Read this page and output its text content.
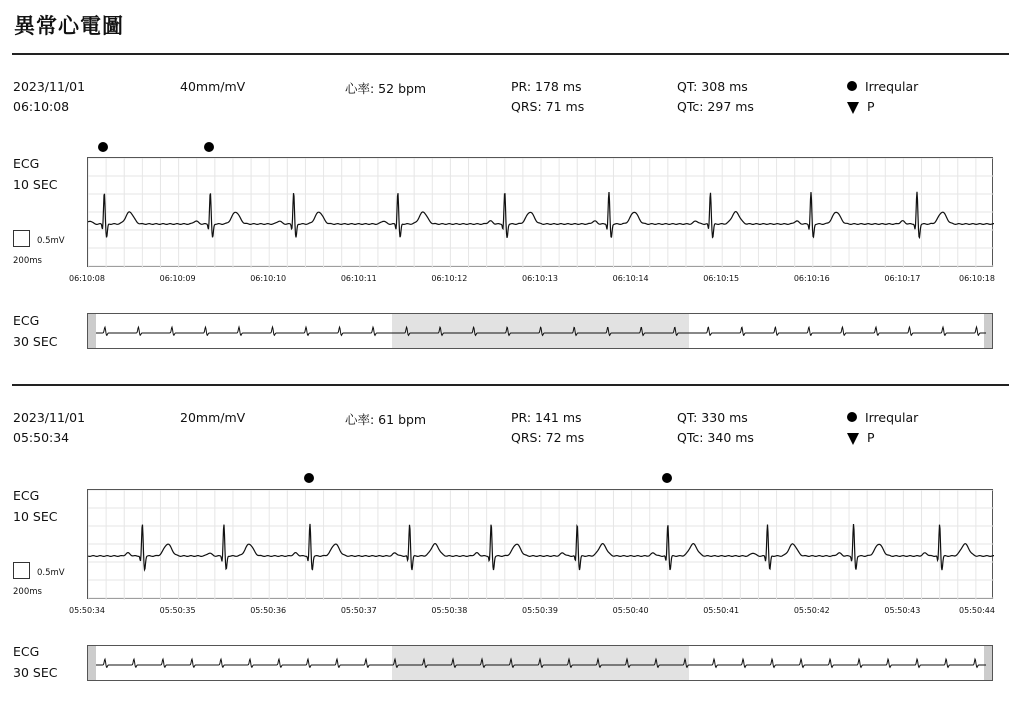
異常心電圖
2023/11/01
06:10:08
40mm/mV	心率: 52 bpm	PR: 178 ms
QRS: 71 ms
QT: 308 ms
QTc: 297 ms
Irreqular
P
ECG
10 SEC
0.5mV
200ms
06:10:08	06:10:09	06:10:10	06:10:11	06:10:12	06:10:13	06:10:14	06:10:15	06:10:16	06:10:17	06:10:18
ECG
30 SEC
2023/11/01
05:50:34
20mm/mV	心率: 61 bpm	PR: 141 ms
QRS: 72 ms
QT: 330 ms
QTc: 340 ms
Irreqular
P
ECG
10 SEC
0.5mV
200ms
05:50:34	05:50:35	05:50:36	05:50:37	05:50:38	05:50:39	05:50:40	05:50:41	05:50:42	05:50:43	05:50:44
ECG
30 SEC
